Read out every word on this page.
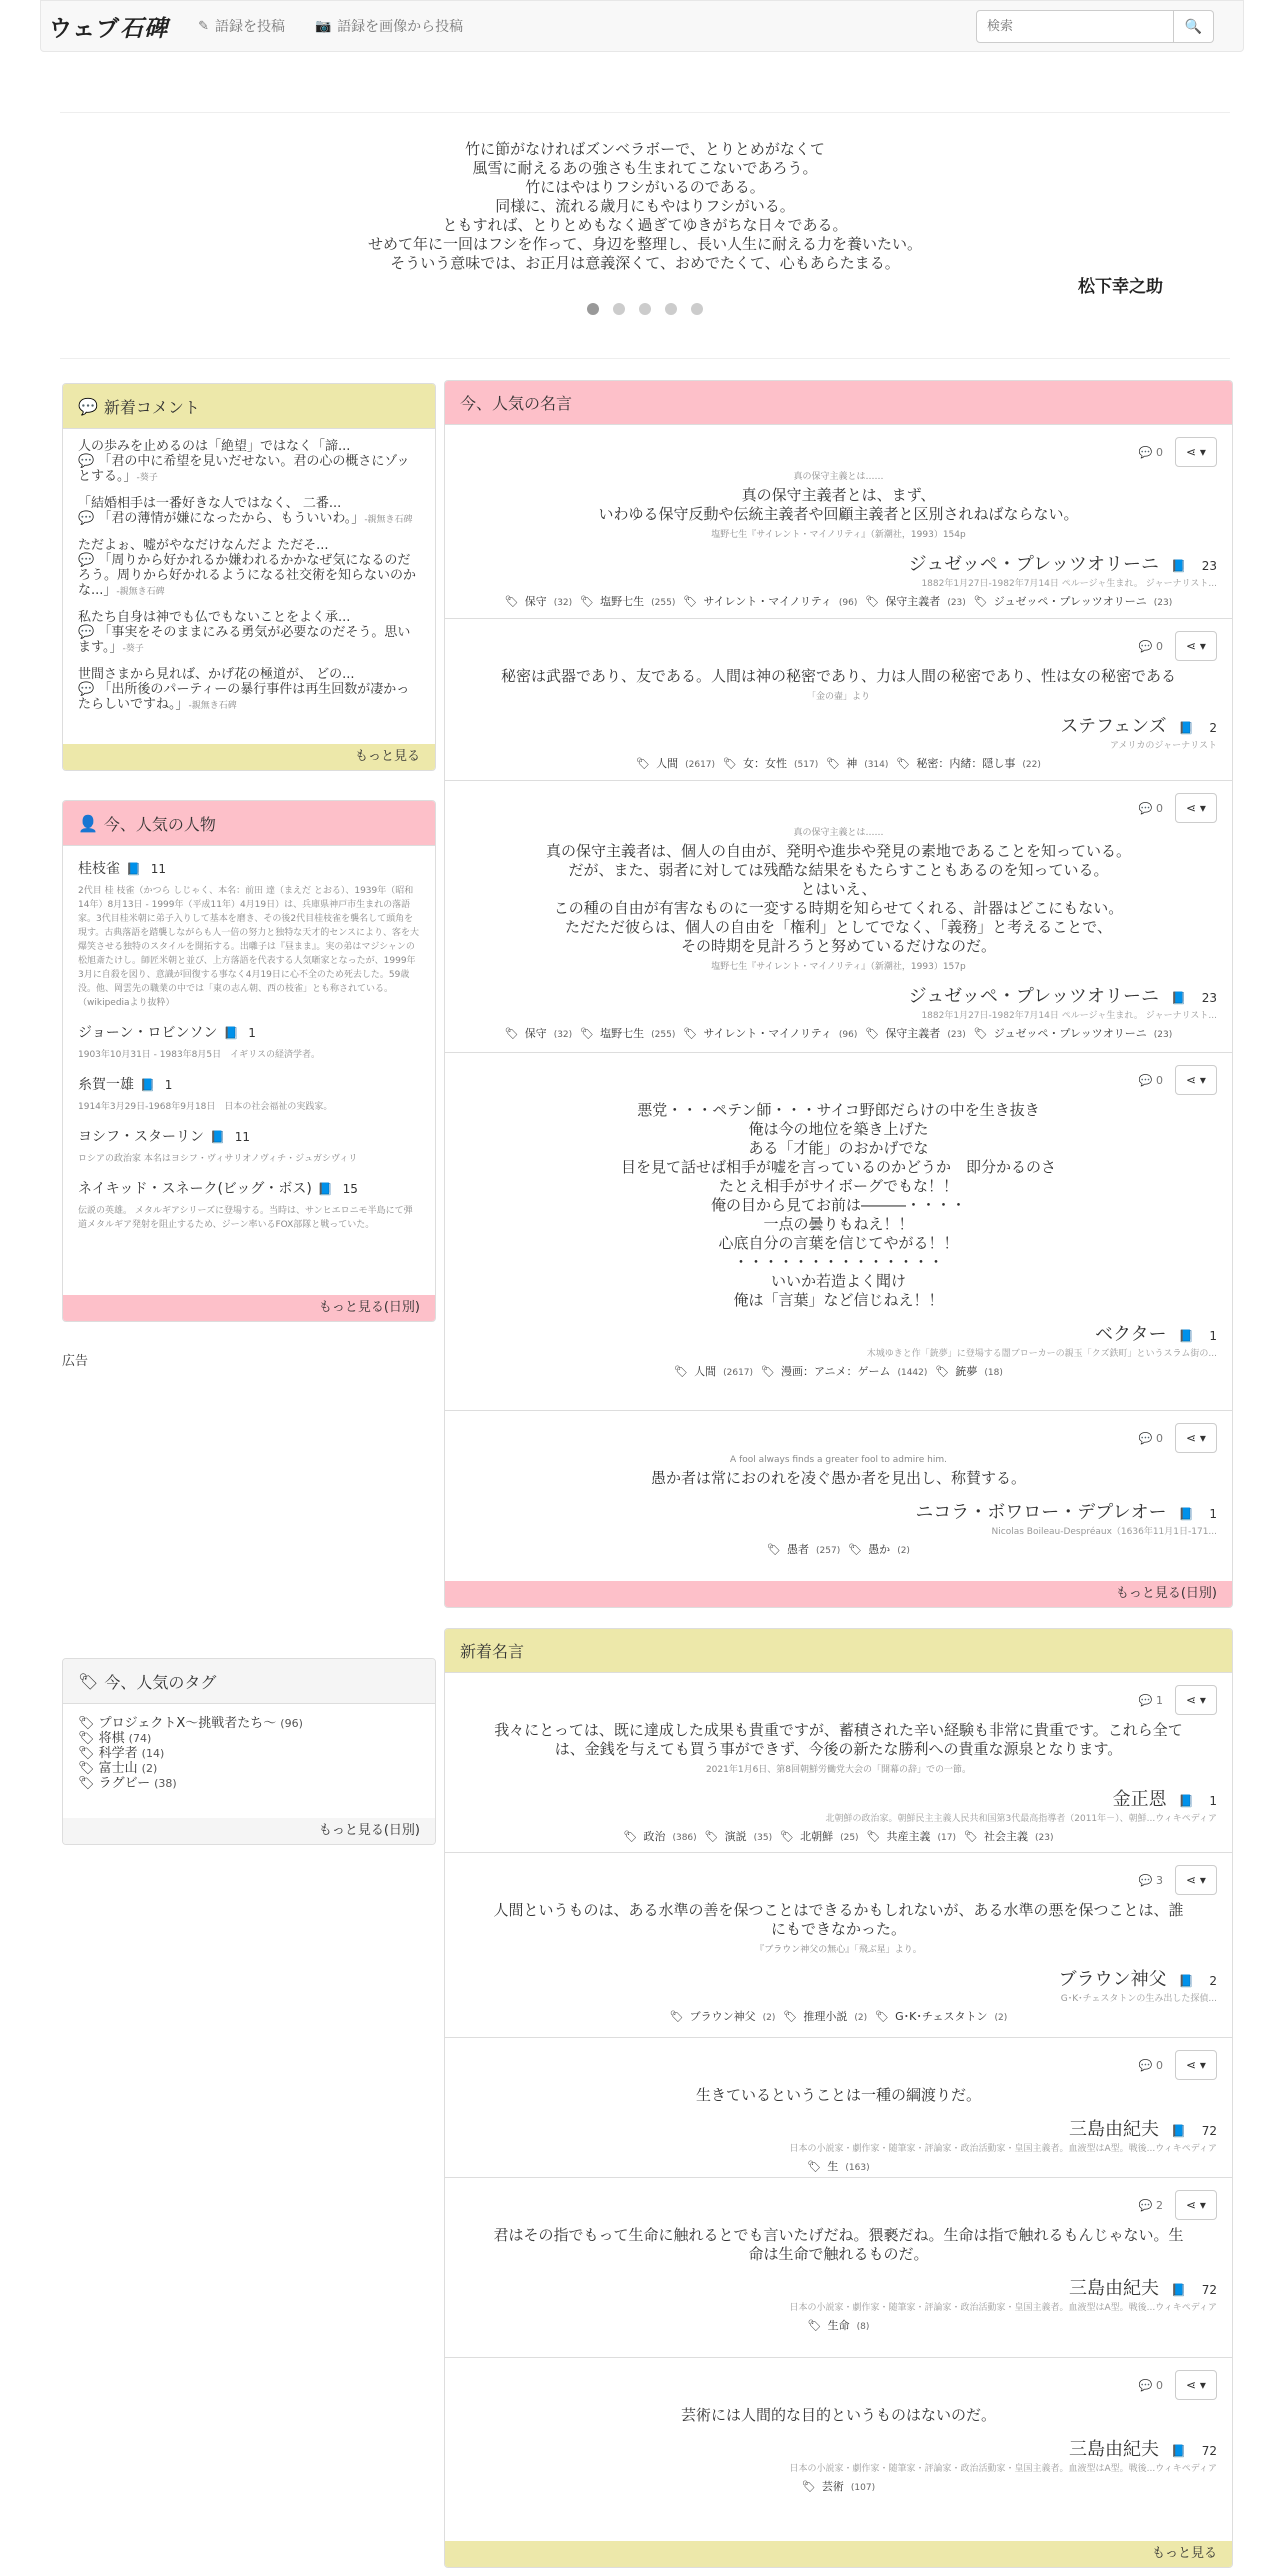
ウェブ石碑 ✎ 語録を投稿 📷 語録を画像から投稿
検索	🔍
竹に節がなければズンベラボーで、とりとめがなくて
風雪に耐えるあの強さも生まれてこないであろう。
竹にはやはりフシがいるのである。
同様に、流れる歳月にもやはりフシがいる。
ともすれば、とりとめもなく過ぎてゆきがちな日々である。
せめて年に一回はフシを作って、身辺を整理し、長い人生に耐える力を養いたい。
そういう意味では、お正月は意義深くて、おめでたくて、心もあらたまる。
松下幸之助
💬 新着コメント
人の歩みを止めるのは「絶望」ではなく「諦...
💬 「君の中に希望を見いだせない。君の心の概さにゾッとする。」-葵子
「結婚相手は一番好きな人ではなく、 二番...
💬 「君の薄情が嫌になったから、もういいわ。」-親無き石碑
ただよぉ、嘘がやなだけなんだよ ただそ...
💬 「周りから好かれるか嫌われるかかなぜ気になるのだろう。周りから好かれるようになる社交術を知らないのかな...」-親無き石碑
私たち自身は神でも仏でもないことをよく承...
💬 「事実をそのままにみる勇気が必要なのだそう。思います。」-葵子
世間さまから見れば、かげ花の極道が、 どの...
💬 「出所後のパーティーの暴行事件は再生回数が凄かったらしいですね。」-親無き石碑
もっと見る
👤 今、人気の人物
桂枝雀 📘 11
2代目 桂 枝雀（かつら しじゃく、本名：前田 達（まえだ とおる）、1939年（昭和14年）8月13日 - 1999年（平成11年）4月19日）は、兵庫県神戸市生まれの落語家。3代目桂米朝に弟子入りして基本を磨き、その後2代目桂枝雀を襲名して頭角を現す。古典落語を踏襲しながらも人一倍の努力と独特な天才的センスにより、客を大爆笑させる独特のスタイルを開拓する。出囃子は『昼まま』。実の弟はマジシャンの松旭斎たけし。師匠米朝と並び、上方落語を代表する人気噺家となったが、1999年3月に自殺を図り、意識が回復する事なく4月19日に心不全のため死去した。59歳没。他、岡雲先の職業の中では「東の志ん朝、西の枝雀」とも称されている。（wikipediaより抜粋）
ジョーン・ロビンソン 📘 1
1903年10月31日 - 1983年8月5日　イギリスの経済学者。
糸賀一雄 📘 1
1914年3月29日-1968年9月18日　日本の社会福祉の実践家。
ヨシフ・スターリン 📘 11
ロシアの政治家 本名はヨシフ・ヴィサリオノヴィチ・ジュガシヴィリ
ネイキッド・スネーク(ビッグ・ボス) 📘 15
伝説の英雄。 メタルギアシリーズに登場する。当時は、サンヒエロニモ半島にて弾道メタルギア発射を阻止するため、ジーン率いるFOX部隊と戦っていた。
もっと見る(日別)
広告
🏷 今、人気のタグ
🏷 プロジェクトX〜挑戦者たち〜 (96)
🏷 将棋 (74)
🏷 科学者 (14)
🏷 富士山 (2)
🏷 ラグビー (38)
もっと見る(日別)
今、人気の名言
💬 0 ⋖ ▾
真の保守主義とは……
真の保守主義者とは、まず、
いわゆる保守反動や伝統主義者や回顧主義者と区別されねばならない。
塩野七生『サイレント・マイノリティ』（新潮社，1993）154p
ジュゼッペ・プレッツオリーニ 📘 23
1882年1月27日-1982年7月14日 ペルージャ生まれ。 ジャーナリスト...
🏷 保守 (32) 🏷 塩野七生 (255) 🏷 サイレント・マイノリティ (96) 🏷 保守主義者 (23) 🏷 ジュゼッペ・プレッツオリーニ (23)
💬 0 ⋖ ▾
秘密は武器であり、友である。人間は神の秘密であり、力は人間の秘密であり、性は女の秘密である
「金の壷」より
ステフェンズ 📘 2
アメリカのジャーナリスト
🏷 人間 (2617) 🏷 女：女性 (517) 🏷 神 (314) 🏷 秘密：内緒：隠し事 (22)
💬 0 ⋖ ▾
真の保守主義とは……
真の保守主義者は、個人の自由が、発明や進歩や発見の素地であることを知っている。
だが、また、弱者に対しては残酷な結果をもたらすこともあるのを知っている。
とはいえ、
この種の自由が有害なものに一変する時期を知らせてくれる、計器はどこにもない。
ただただ彼らは、個人の自由を「権利」としてでなく、「義務」と考えることで、
その時期を見計ろうと努めているだけなのだ。
塩野七生『サイレント・マイノリティ』（新潮社，1993）157p
ジュゼッペ・プレッツオリーニ 📘 23
1882年1月27日-1982年7月14日 ペルージャ生まれ。 ジャーナリスト...
🏷 保守 (32) 🏷 塩野七生 (255) 🏷 サイレント・マイノリティ (96) 🏷 保守主義者 (23) 🏷 ジュゼッペ・プレッツオリーニ (23)
💬 0 ⋖ ▾
悪党・・・ペテン師・・・サイコ野郎だらけの中を生き抜き
俺は今の地位を築き上げた
ある「才能」のおかげでな
目を見て話せば相手が嘘を言っているのかどうか　即分かるのさ
たとえ相手がサイボーグでもな！！
俺の目から見てお前は―――・・・・
一点の曇りもねえ！！
心底自分の言葉を信じてやがる！！
・・・・・・・・・・・・・・
いいか若造よく聞け
俺は「言葉」など信じねえ！！
ベクター 📘 1
木城ゆきと作「銃夢」に登場する闇ブローカーの親玉「クズ鉄町」というスラム街の...
🏷 人間 (2617) 🏷 漫画：アニメ：ゲーム (1442) 🏷 銃夢 (18)
💬 0 ⋖ ▾
A fool always finds a greater fool to admire him.
愚か者は常におのれを凌ぐ愚か者を見出し、称賛する。
ニコラ・ボワロー・デプレオー 📘 1
Nicolas Boileau-Despréaux（1636年11月1日-171...
🏷 愚者 (257) 🏷 愚か (2)
もっと見る(日別)
新着名言
💬 1 ⋖ ▾
我々にとっては、既に達成した成果も貴重ですが、蓄積された辛い経験も非常に貴重です。これら全て
は、金銭を与えても買う事ができず、今後の新たな勝利への貴重な源泉となります。
2021年1月6日、第8回朝鮮労働党大会の「開幕の辞」での一節。
金正恩 📘 1
北朝鮮の政治家。朝鮮民主主義人民共和国第3代最高指導者（2011年－）、朝鮮...ウィキペディア
🏷 政治 (386) 🏷 演説 (35) 🏷 北朝鮮 (25) 🏷 共産主義 (17) 🏷 社会主義 (23)
💬 3 ⋖ ▾
人間というものは、ある水準の善を保つことはできるかもしれないが、ある水準の悪を保つことは、誰
にもできなかった。
『ブラウン神父の無心』「飛ぶ星」より。
ブラウン神父 📘 2
G･K･チェスタトンの生み出した探偵...
🏷 ブラウン神父 (2) 🏷 推理小説 (2) 🏷 G･K･チェスタトン (2)
💬 0 ⋖ ▾
生きているということは一種の綱渡りだ。
三島由紀夫 📘 72
日本の小説家・劇作家・随筆家・評論家・政治活動家・皇国主義者。血液型はA型。戦後...ウィキペディア
🏷 生 (163)
💬 2 ⋖ ▾
君はその指でもって生命に触れるとでも言いたげだね。猥褻だね。生命は指で触れるもんじゃない。生
命は生命で触れるものだ。
三島由紀夫 📘 72
日本の小説家・劇作家・随筆家・評論家・政治活動家・皇国主義者。血液型はA型。戦後...ウィキペディア
🏷 生命 (8)
💬 0 ⋖ ▾
芸術には人間的な目的というものはないのだ。
三島由紀夫 📘 72
日本の小説家・劇作家・随筆家・評論家・政治活動家・皇国主義者。血液型はA型。戦後...ウィキペディア
🏷 芸術 (107)
もっと見る
